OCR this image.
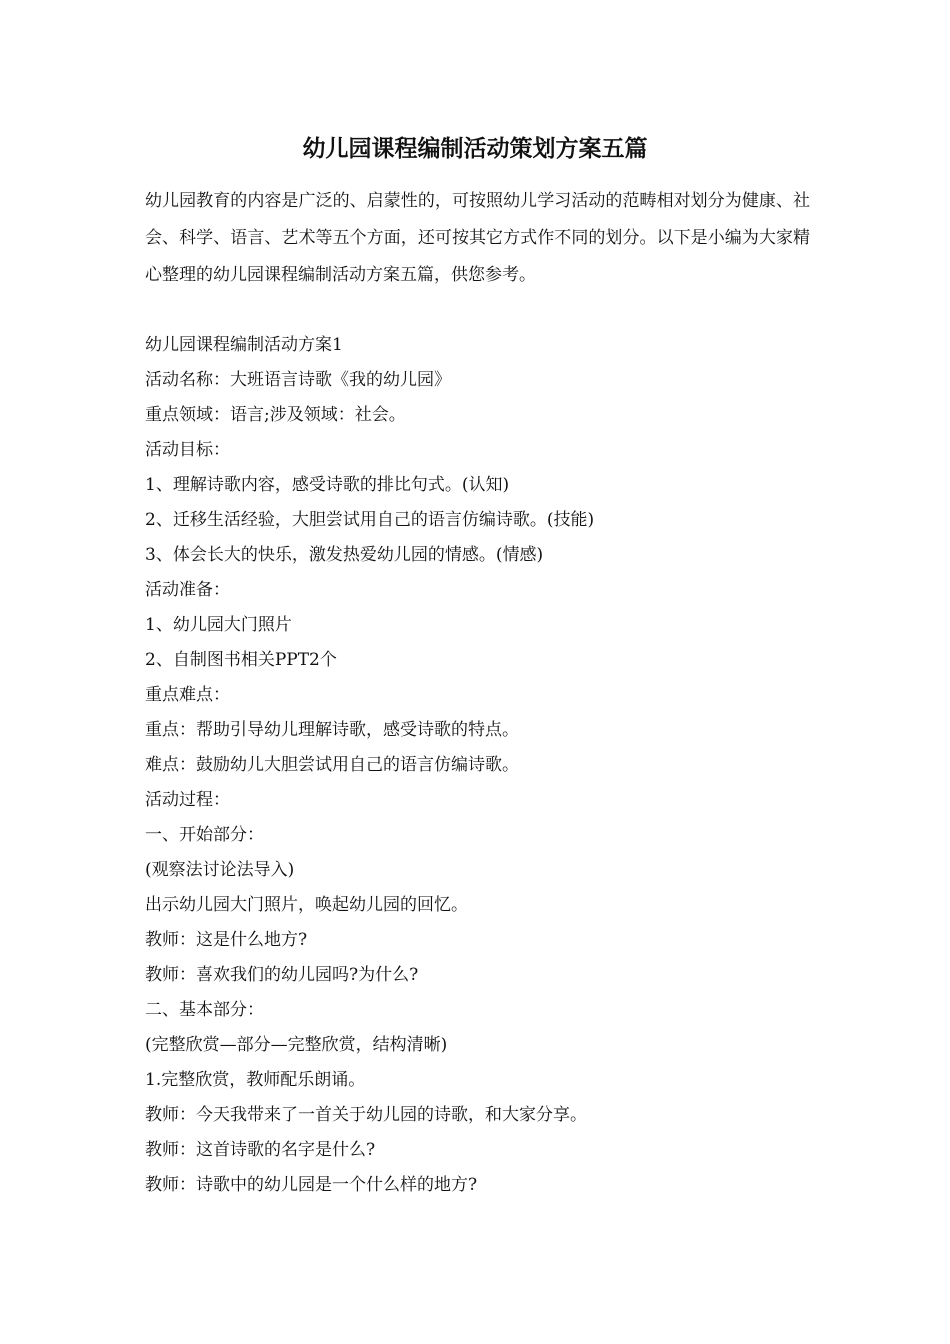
幼儿园课程编制活动策划方案五篇

幼儿园教育的内容是广泛的、启蒙性的，可按照幼儿学习活动的范畴相对划分为健康、社会、科学、语言、艺术等五个方面，还可按其它方式作不同的划分。以下是小编为大家精心整理的幼儿园课程编制活动方案五篇，供您参考。

幼儿园课程编制活动方案1
活动名称：大班语言诗歌《我的幼儿园》
重点领域：语言;涉及领域：社会。
活动目标：
1、理解诗歌内容，感受诗歌的排比句式。(认知)
2、迁移生活经验，大胆尝试用自己的语言仿编诗歌。(技能)
3、体会长大的快乐，激发热爱幼儿园的情感。(情感)
活动准备：
1、幼儿园大门照片
2、自制图书相关PPT2个
重点难点：
重点：帮助引导幼儿理解诗歌，感受诗歌的特点。
难点：鼓励幼儿大胆尝试用自己的语言仿编诗歌。
活动过程：
一、开始部分：
(观察法讨论法导入)
出示幼儿园大门照片，唤起幼儿园的回忆。
教师：这是什么地方?
教师：喜欢我们的幼儿园吗?为什么?
二、基本部分：
(完整欣赏—部分—完整欣赏，结构清晰)
1.完整欣赏，教师配乐朗诵。
教师：今天我带来了一首关于幼儿园的诗歌，和大家分享。
教师：这首诗歌的名字是什么?
教师：诗歌中的幼儿园是一个什么样的地方?
